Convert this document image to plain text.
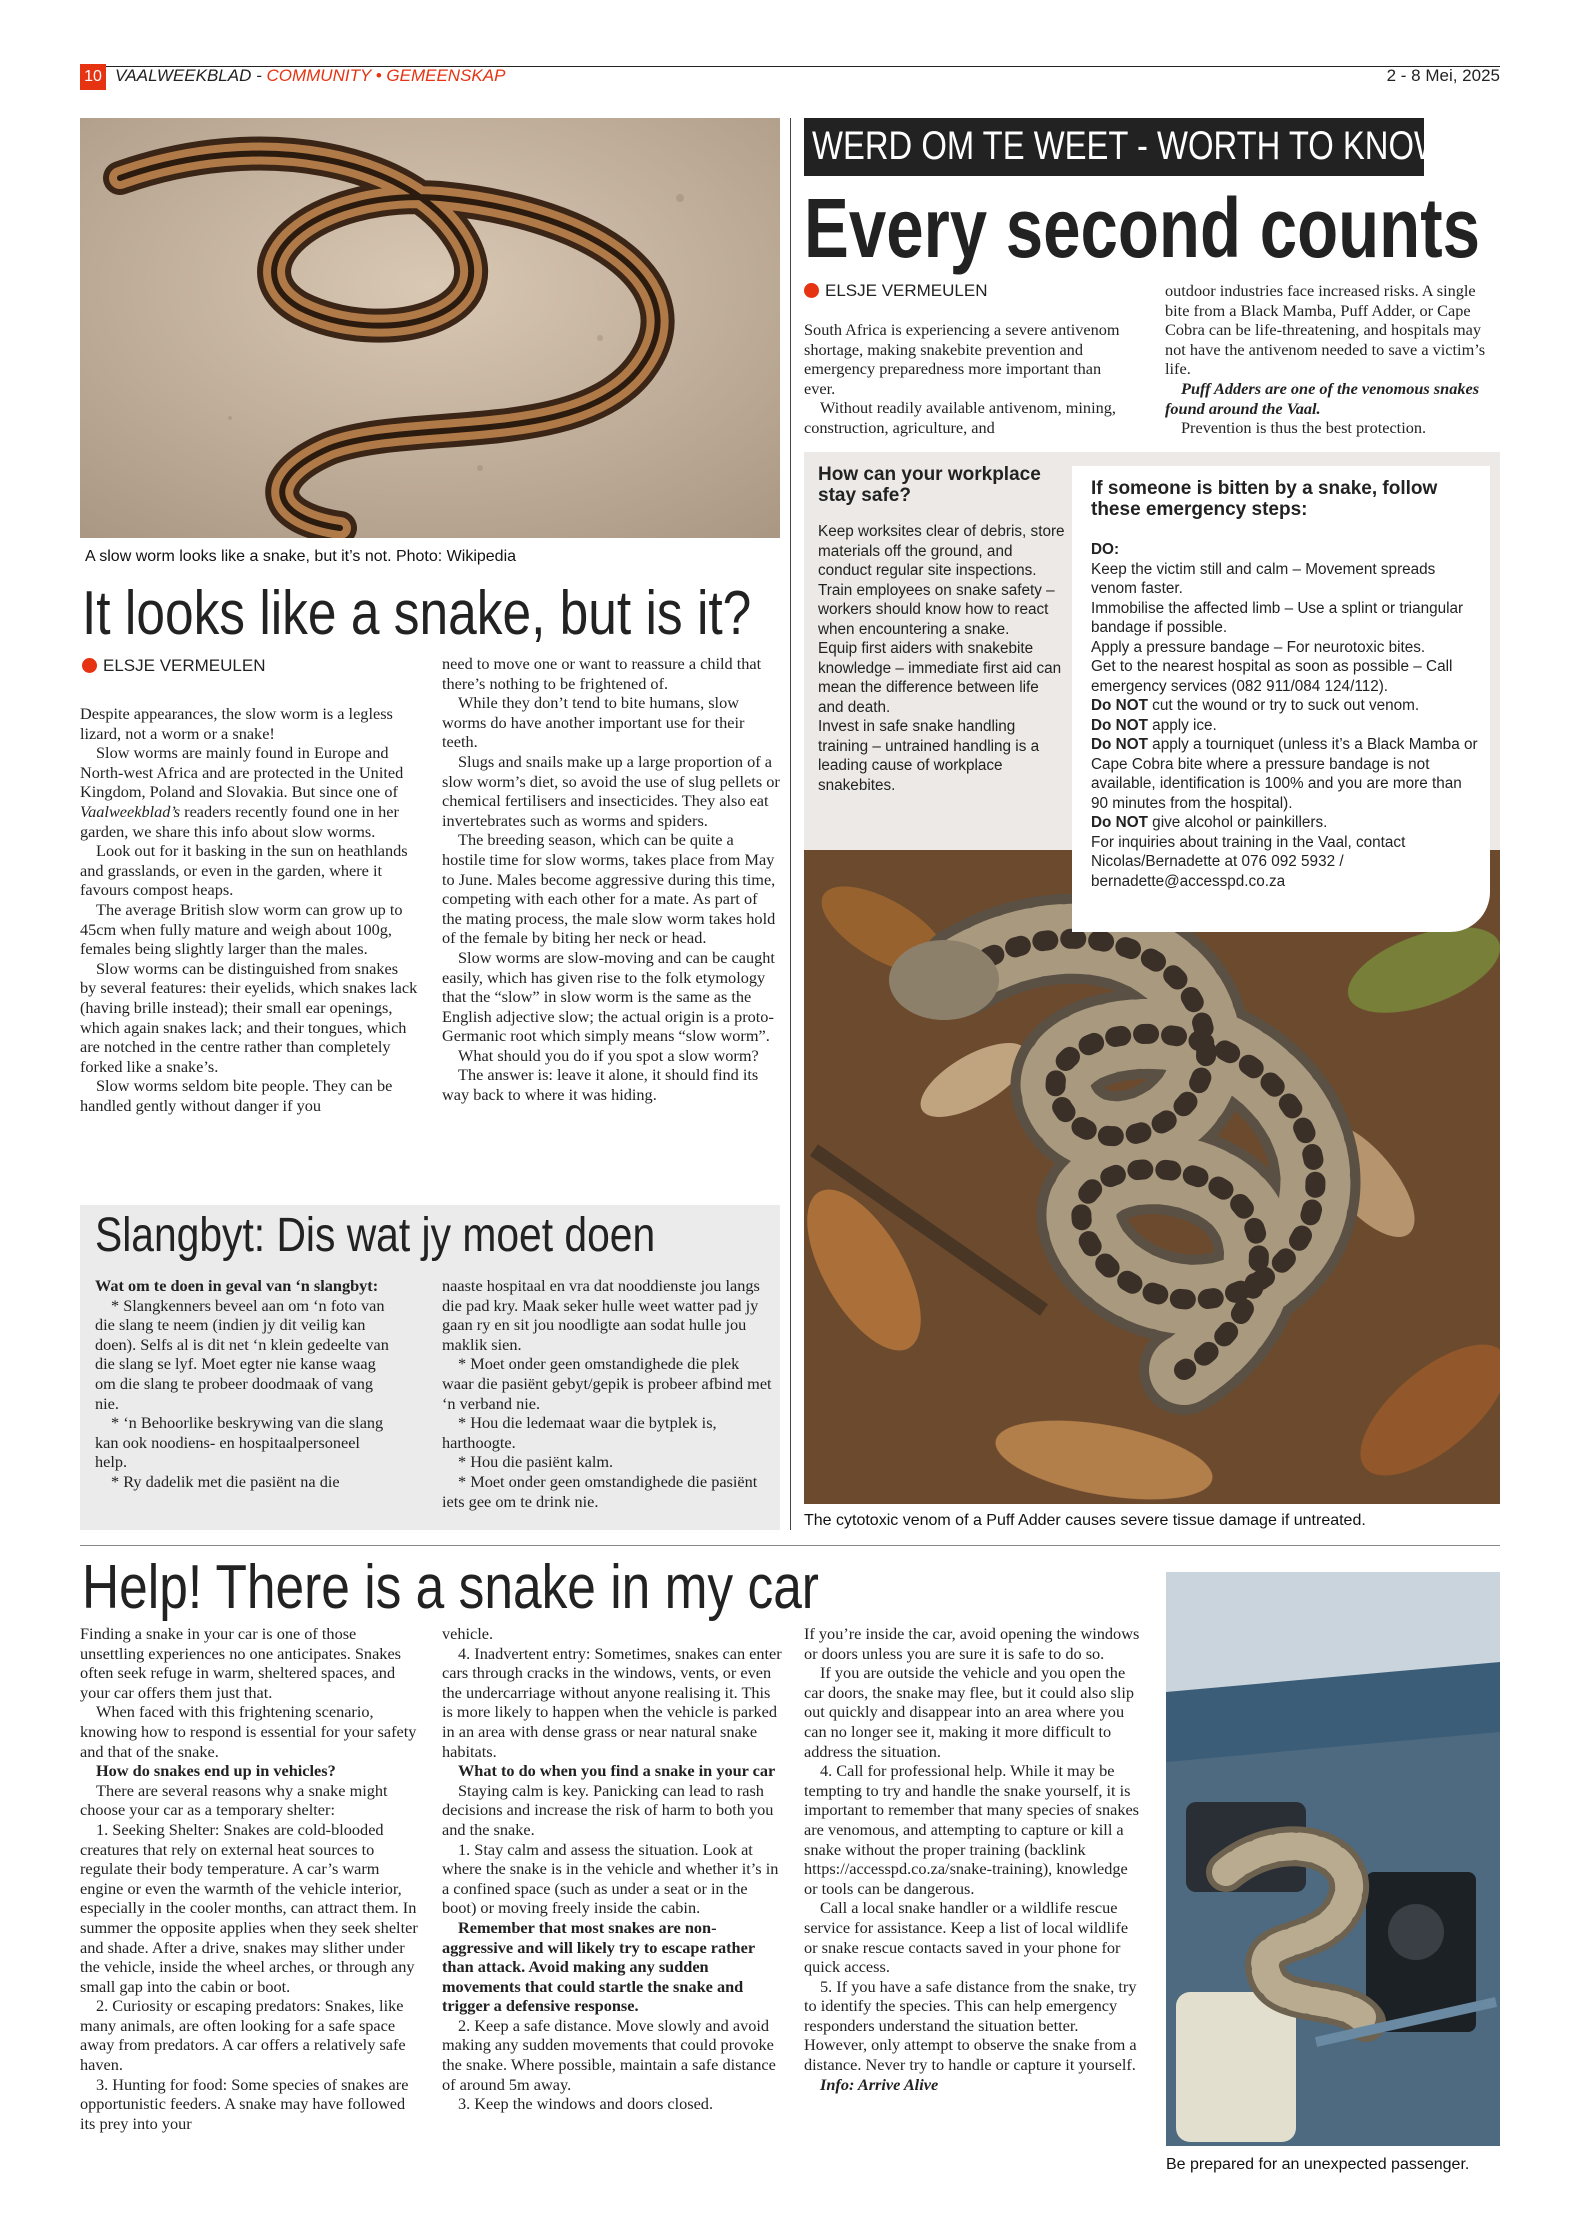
10 VAALWEEKBLAD - COMMUNITY • GEMEENSKAP	2 - 8 Mei, 2025
A slow worm looks like a snake, but it’s not. Photo: Wikipedia
It looks like a snake, but is it?
ELSJE VERMEULEN

Despite appearances, the slow worm is a legless lizard, not a worm or a snake!

Slow worms are mainly found in Europe and North-west Africa and are protected in the United Kingdom, Poland and Slovakia. But since one of Vaalweekblad’s readers recently found one in her garden, we share this info about slow worms.

Look out for it basking in the sun on heathlands and grasslands, or even in the garden, where it favours compost heaps.

The average British slow worm can grow up to 45cm when fully mature and weigh about 100g, females being slightly larger than the males.

Slow worms can be distinguished from snakes by several features: their eyelids, which snakes lack (having brille instead); their small ear openings, which again snakes lack; and their tongues, which are notched in the centre rather than completely forked like a snake’s.

Slow worms seldom bite people. They can be handled gently without danger if you

need to move one or want to reassure a child that there’s nothing to be frightened of.

While they don’t tend to bite humans, slow worms do have another important use for their teeth.

Slugs and snails make up a large proportion of a slow worm’s diet, so avoid the use of slug pellets or chemical fertilisers and insecticides. They also eat invertebrates such as worms and spiders.

The breeding season, which can be quite a hostile time for slow worms, takes place from May to June. Males become aggressive during this time, competing with each other for a mate. As part of the mating process, the male slow worm takes hold of the female by biting her neck or head.

Slow worms are slow-moving and can be caught easily, which has given rise to the folk etymology that the “slow” in slow worm is the same as the English adjective slow; the actual origin is a proto-Germanic root which simply means “slow worm”.

What should you do if you spot a slow worm?

The answer is: leave it alone, it should find its way back to where it was hiding.

Slangbyt: Dis wat jy moet doen

Wat om te doen in geval van ‘n slangbyt:

* Slangkenners beveel aan om ‘n foto van die slang te neem (indien jy dit veilig kan doen). Selfs al is dit net ‘n klein gedeelte van die slang se lyf. Moet egter nie kanse waag om die slang te probeer doodmaak of vang nie.

* ‘n Behoorlike beskrywing van die slang kan ook noodiens- en hospitaalpersoneel help.

* Ry dadelik met die pasiënt na die

naaste hospitaal en vra dat nooddienste jou langs die pad kry. Maak seker hulle weet watter pad jy gaan ry en sit jou noodligte aan sodat hulle jou maklik sien.

* Moet onder geen omstandighede die plek waar die pasiënt gebyt/gepik is probeer afbind met ‘n verband nie.

* Hou die ledemaat waar die bytplek is, harthoogte.

* Hou die pasiënt kalm.

* Moet onder geen omstandighede die pasiënt iets gee om te drink nie.

WERD OM TE WEET - WORTH TO KNOW
Every second counts
ELSJE VERMEULEN

South Africa is experiencing a severe antivenom shortage, making snakebite prevention and emergency preparedness more important than ever.

Without readily available antivenom, mining, construction, agriculture, and

outdoor industries face increased risks. A single bite from a Black Mamba, Puff Adder, or Cape Cobra can be life-threatening, and hospitals may not have the antivenom needed to save a victim’s life.

Puff Adders are one of the venomous snakes found around the Vaal.

Prevention is thus the best protection.

How can your workplace stay safe?

Keep worksites clear of debris, store materials off the ground, and conduct regular site inspections.

Train employees on snake safety – workers should know how to react when encountering a snake.

Equip first aiders with snakebite knowledge – immediate first aid can mean the difference between life and death.

Invest in safe snake handling training – untrained handling is a leading cause of workplace snakebites.

If someone is bitten by a snake, follow these emergency steps:

DO:

Keep the victim still and calm – Movement spreads venom faster.

Immobilise the affected limb – Use a splint or triangular bandage if possible.

Apply a pressure bandage – For neurotoxic bites.

Get to the nearest hospital as soon as possible – Call emergency services (082 911/084 124/112).

Do NOT cut the wound or try to suck out venom.

Do NOT apply ice.

Do NOT apply a tourniquet (unless it’s a Black Mamba or Cape Cobra bite where a pressure bandage is not available, identification is 100% and you are more than 90 minutes from the hospital).

Do NOT give alcohol or painkillers.

For inquiries about training in the Vaal, contact Nicolas/Bernadette at 076 092 5932 / bernadette@accesspd.co.za

The cytotoxic venom of a Puff Adder causes severe tissue damage if untreated.
Help! There is a snake in my car

Finding a snake in your car is one of those unsettling experiences no one anticipates. Snakes often seek refuge in warm, sheltered spaces, and your car offers them just that.

When faced with this frightening scenario, knowing how to respond is essential for your safety and that of the snake.

How do snakes end up in vehicles?

There are several reasons why a snake might choose your car as a temporary shelter:

1. Seeking Shelter: Snakes are cold-blooded creatures that rely on external heat sources to regulate their body temperature. A car’s warm engine or even the warmth of the vehicle interior, especially in the cooler months, can attract them. In summer the opposite applies when they seek shelter and shade. After a drive, snakes may slither under the vehicle, inside the wheel arches, or through any small gap into the cabin or boot.

2. Curiosity or escaping predators: Snakes, like many animals, are often looking for a safe space away from predators. A car offers a relatively safe haven.

3. Hunting for food: Some species of snakes are opportunistic feeders. A snake may have followed its prey into your

vehicle.

4. Inadvertent entry: Sometimes, snakes can enter cars through cracks in the windows, vents, or even the undercarriage without anyone realising it. This is more likely to happen when the vehicle is parked in an area with dense grass or near natural snake habitats.

What to do when you find a snake in your car

Staying calm is key. Panicking can lead to rash decisions and increase the risk of harm to both you and the snake.

1. Stay calm and assess the situation. Look at where the snake is in the vehicle and whether it’s in a confined space (such as under a seat or in the boot) or moving freely inside the cabin.

Remember that most snakes are non-aggressive and will likely try to escape rather than attack. Avoid making any sudden movements that could startle the snake and trigger a defensive response.

2. Keep a safe distance. Move slowly and avoid making any sudden movements that could provoke the snake. Where possible, maintain a safe distance of around 5m away.

3. Keep the windows and doors closed.

If you’re inside the car, avoid opening the windows or doors unless you are sure it is safe to do so.

If you are outside the vehicle and you open the car doors, the snake may flee, but it could also slip out quickly and disappear into an area where you can no longer see it, making it more difficult to address the situation.

4. Call for professional help. While it may be tempting to try and handle the snake yourself, it is important to remember that many species of snakes are venomous, and attempting to capture or kill a snake without the proper training (backlink https://accesspd.co.za/snake-training), knowledge or tools can be dangerous.

Call a local snake handler or a wildlife rescue service for assistance. Keep a list of local wildlife or snake rescue contacts saved in your phone for quick access.

5. If you have a safe distance from the snake, try to identify the species. This can help emergency responders understand the situation better. However, only attempt to observe the snake from a distance. Never try to handle or capture it yourself.

Info: Arrive Alive

Be prepared for an unexpected passenger.
